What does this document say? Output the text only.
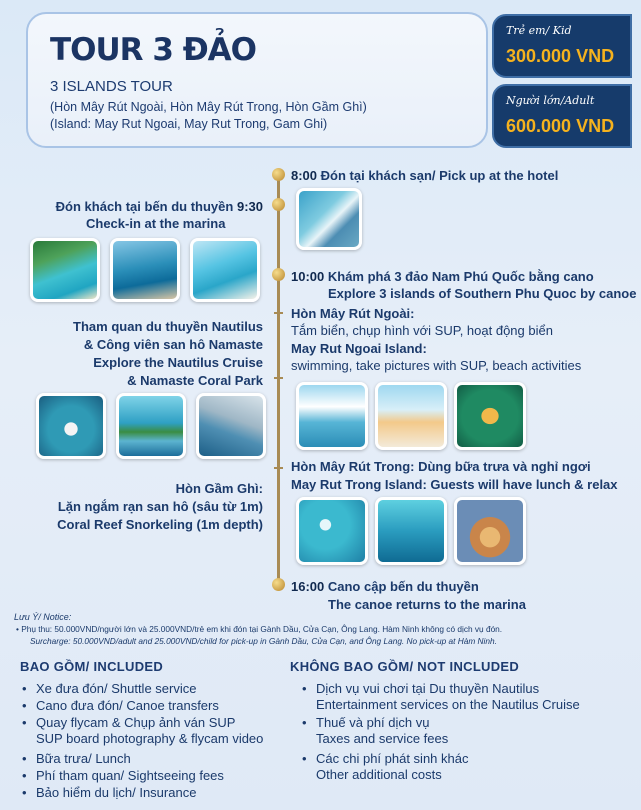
TOUR 3 ĐẢO
3 ISLANDS TOUR
(Hòn Mây Rút Ngoài, Hòn Mây Rút Trong, Hòn Gầm Ghì)
(Island: May Rut Ngoai, May Rut Trong, Gam Ghi)
Trẻ em/ Kid
300.000 VND
Người lớn/Adult
600.000 VND
8:00 Đón tại khách sạn/ Pick up at the hotel
Đón khách tại bến du thuyền 9:30
Check-in at the marina
10:00 Khám phá 3 đảo Nam Phú Quốc bằng cano
Explore 3 islands of Southern Phu Quoc by canoe
Hòn Mây Rút Ngoài:
Tắm biển, chụp hình với SUP, hoạt động biển
May Rut Ngoai Island:
swimming, take pictures with SUP, beach activities
Tham quan du thuyền Nautilus
& Công viên san hô Namaste
Explore the Nautilus Cruise
& Namaste Coral Park
Hòn Mây Rút Trong: Dùng bữa trưa và nghỉ ngơi
May Rut Trong Island: Guests will have lunch & relax
Hòn Gầm Ghì:
Lặn ngắm rạn san hô (sâu từ 1m)
Coral Reef Snorkeling (1m depth)
16:00 Cano cập bến du thuyền
The canoe returns to the marina
Lưu Ý/ Notice:
• Phụ thu: 50.000VND/người lớn và 25.000VND/trẻ em khi đón tại Gành Dầu, Cửa Cạn, Ông Lang. Hàm Ninh không có dịch vụ đón.
Surcharge: 50.000VND/adult and 25.000VND/child for pick-up in Gành Dầu, Cửa Cạn, and Ông Lang. No pick-up at Hàm Ninh.
BAO GỒM/ INCLUDED
• Xe đưa đón/ Shuttle service
• Cano đưa đón/ Canoe transfers
• Quay flycam & Chụp ảnh ván SUP
SUP board photography & flycam video
• Bữa trưa/ Lunch
• Phí tham quan/ Sightseeing fees
• Bảo hiểm du lịch/ Insurance
KHÔNG BAO GỒM/ NOT INCLUDED
• Dịch vụ vui chơi tại Du thuyền Nautilus
Entertainment services on the Nautilus Cruise
• Thuế và phí dịch vụ
Taxes and service fees
• Các chi phí phát sinh khác
Other additional costs
